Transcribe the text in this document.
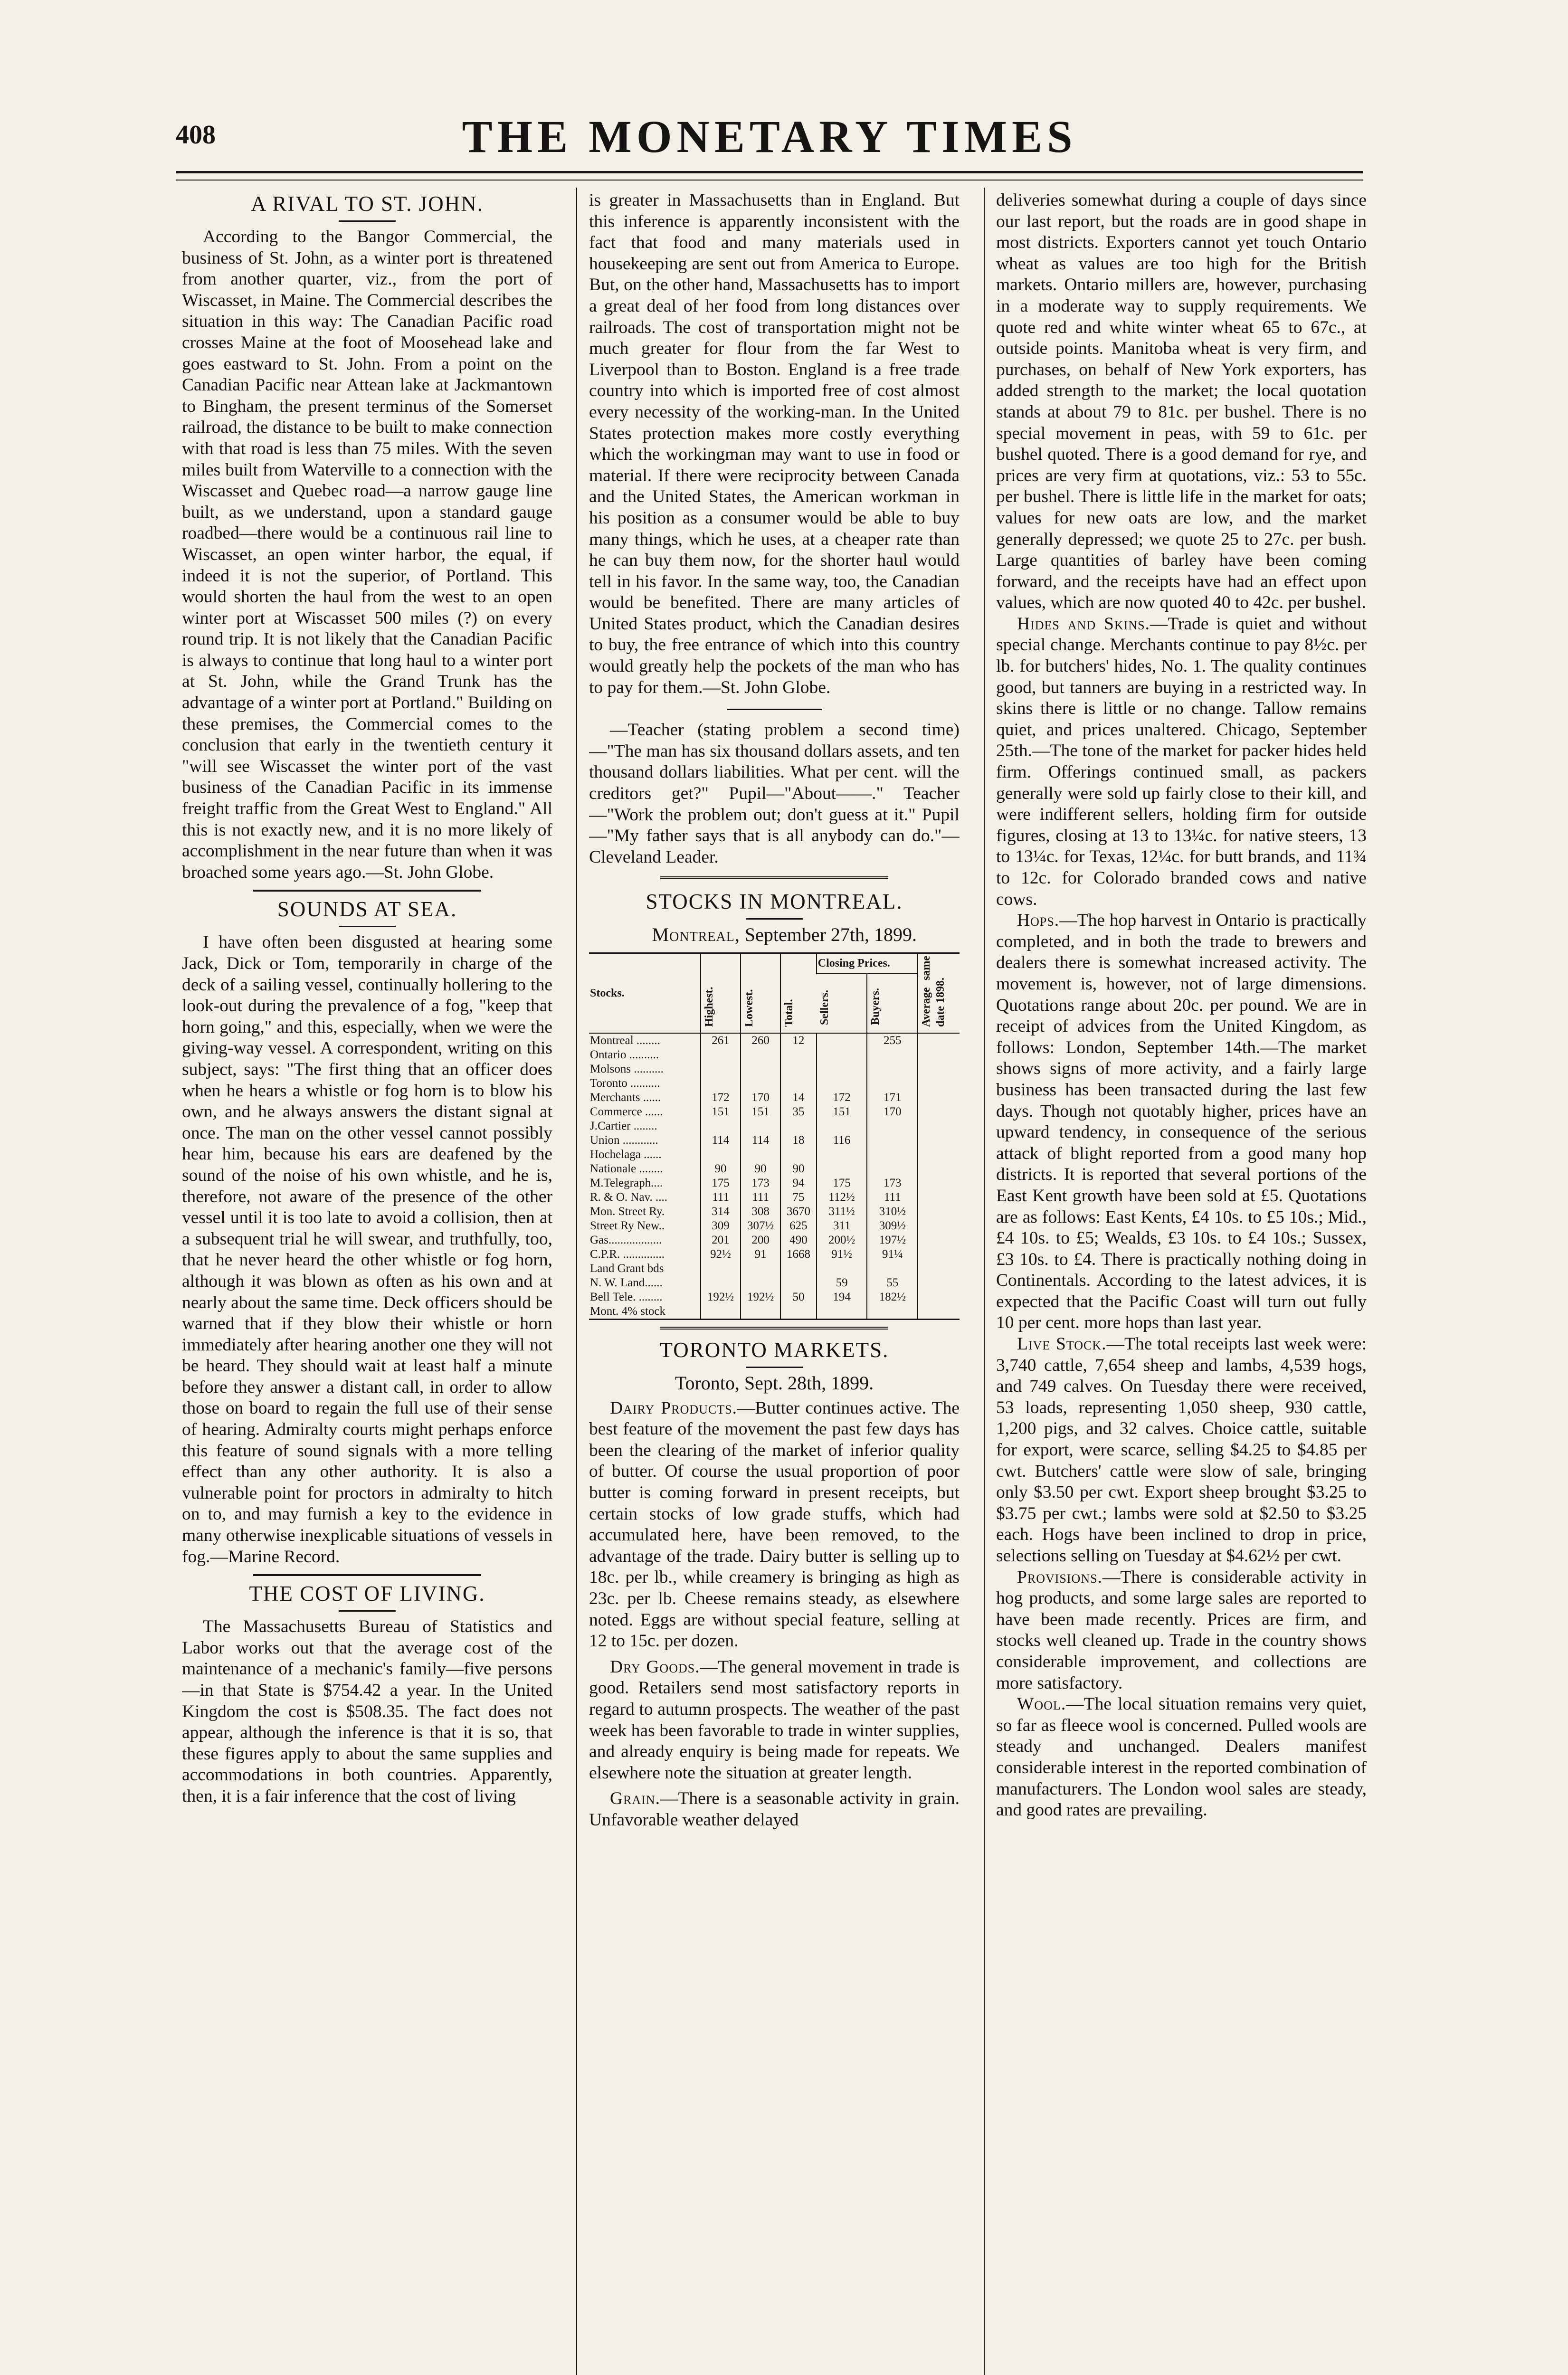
408	THE MONETARY TIMES
A RIVAL TO ST. JOHN.

According to the Bangor Commercial, the business of St. John, as a winter port is threatened from another quarter, viz., from the port of Wiscasset, in Maine. The Commercial describes the situation in this way: The Canadian Pacific road crosses Maine at the foot of Moosehead lake and goes eastward to St. John. From a point on the Canadian Pacific near Attean lake at Jackmantown to Bingham, the present terminus of the Somerset railroad, the distance to be built to make connection with that road is less than 75 miles. With the seven miles built from Waterville to a connection with the Wiscasset and Quebec road—a narrow gauge line built, as we understand, upon a standard gauge roadbed—there would be a continuous rail line to Wiscasset, an open winter harbor, the equal, if indeed it is not the superior, of Portland. This would shorten the haul from the west to an open winter port at Wiscasset 500 miles (?) on every round trip. It is not likely that the Canadian Pacific is always to continue that long haul to a winter port at St. John, while the Grand Trunk has the advantage of a winter port at Portland." Building on these premises, the Commercial comes to the conclusion that early in the twentieth century it "will see Wiscasset the winter port of the vast business of the Canadian Pacific in its immense freight traffic from the Great West to England." All this is not exactly new, and it is no more likely of accomplishment in the near future than when it was broached some years ago.—St. John Globe.

SOUNDS AT SEA.

I have often been disgusted at hearing some Jack, Dick or Tom, temporarily in charge of the deck of a sailing vessel, continually hollering to the look-out during the prevalence of a fog, "keep that horn going," and this, especially, when we were the giving-way vessel. A correspondent, writing on this subject, says: "The first thing that an officer does when he hears a whistle or fog horn is to blow his own, and he always answers the distant signal at once. The man on the other vessel cannot possibly hear him, because his ears are deafened by the sound of the noise of his own whistle, and he is, therefore, not aware of the presence of the other vessel until it is too late to avoid a collision, then at a subsequent trial he will swear, and truthfully, too, that he never heard the other whistle or fog horn, although it was blown as often as his own and at nearly about the same time. Deck officers should be warned that if they blow their whistle or horn immediately after hearing another one they will not be heard. They should wait at least half a minute before they answer a distant call, in order to allow those on board to regain the full use of their sense of hearing. Admiralty courts might perhaps enforce this feature of sound signals with a more telling effect than any other authority. It is also a vulnerable point for proctors in admiralty to hitch on to, and may furnish a key to the evidence in many otherwise inexplicable situations of vessels in fog.—Marine Record.

THE COST OF LIVING.

The Massachusetts Bureau of Statistics and Labor works out that the average cost of the maintenance of a mechanic's family—five persons—in that State is $754.42 a year. In the United Kingdom the cost is $508.35. The fact does not appear, although the inference is that it is so, that these figures apply to about the same supplies and accommodations in both countries. Apparently, then, it is a fair inference that the cost of living

is greater in Massachusetts than in England. But this inference is apparently inconsistent with the fact that food and many materials used in housekeeping are sent out from America to Europe. But, on the other hand, Massachusetts has to import a great deal of her food from long distances over railroads. The cost of transportation might not be much greater for flour from the far West to Liverpool than to Boston. England is a free trade country into which is imported free of cost almost every necessity of the working-man. In the United States protection makes more costly everything which the workingman may want to use in food or material. If there were reciprocity between Canada and the United States, the American workman in his position as a consumer would be able to buy many things, which he uses, at a cheaper rate than he can buy them now, for the shorter haul would tell in his favor. In the same way, too, the Canadian would be benefited. There are many articles of United States product, which the Canadian desires to buy, the free entrance of which into this country would greatly help the pockets of the man who has to pay for them.—St. John Globe.

—Teacher (stating problem a second time)—"The man has six thousand dollars assets, and ten thousand dollars liabilities. What per cent. will the creditors get?" Pupil—"About——." Teacher —"Work the problem out; don't guess at it." Pupil—"My father says that is all anybody can do."—Cleveland Leader.

STOCKS IN MONTREAL.
Montreal, September 27th, 1899.
Stocks.	Highest.	Lowest.	Total.	Closing Prices.		Average same date 1898.
				Sellers.	Buyers.	
Montreal ........	261	260	12		255	
Ontario ..........						
Molsons ..........						
Toronto ..........						
Merchants ......	172	170	14	172	171	
Commerce ......	151	151	35	151	170	
J.Cartier ........						
Union ............	114	114	18	116		
Hochelaga ......						
Nationale ........	90	90	90			
M.Telegraph....	175	173	94	175	173	
R. & O. Nav. ....	111	111	75	112½	111	
Mon. Street Ry.	314	308	3670	311½	310½	
Street Ry New..	309	307½	625	311	309½	
Gas..................	201	200	490	200½	197½	
C.P.R. ..............	92½	91	1668	91½	91¼	
Land Grant bds						
N. W. Land......				59	55	
Bell Tele. ........	192½	192½	50	194	182½	
Mont. 4% stock						
TORONTO MARKETS.
Toronto, Sept. 28th, 1899.

Dairy Products.—Butter continues active. The best feature of the movement the past few days has been the clearing of the market of inferior quality of butter. Of course the usual proportion of poor butter is coming forward in present receipts, but certain stocks of low grade stuffs, which had accumulated here, have been removed, to the advantage of the trade. Dairy butter is selling up to 18c. per lb., while creamery is bringing as high as 23c. per lb. Cheese remains steady, as elsewhere noted. Eggs are without special feature, selling at 12 to 15c. per dozen.

Dry Goods.—The general movement in trade is good. Retailers send most satisfactory reports in regard to autumn prospects. The weather of the past week has been favorable to trade in winter supplies, and already enquiry is being made for repeats. We elsewhere note the situation at greater length.

Grain.—There is a seasonable activity in grain. Unfavorable weather delayed

deliveries somewhat during a couple of days since our last report, but the roads are in good shape in most districts. Exporters cannot yet touch Ontario wheat as values are too high for the British markets. Ontario millers are, however, purchasing in a moderate way to supply requirements. We quote red and white winter wheat 65 to 67c., at outside points. Manitoba wheat is very firm, and purchases, on behalf of New York exporters, has added strength to the market; the local quotation stands at about 79 to 81c. per bushel. There is no special movement in peas, with 59 to 61c. per bushel quoted. There is a good demand for rye, and prices are very firm at quotations, viz.: 53 to 55c. per bushel. There is little life in the market for oats; values for new oats are low, and the market generally depressed; we quote 25 to 27c. per bush. Large quantities of barley have been coming forward, and the receipts have had an effect upon values, which are now quoted 40 to 42c. per bushel.

Hides and Skins.—Trade is quiet and without special change. Merchants continue to pay 8½c. per lb. for butchers' hides, No. 1. The quality continues good, but tanners are buying in a restricted way. In skins there is little or no change. Tallow remains quiet, and prices unaltered. Chicago, September 25th.—The tone of the market for packer hides held firm. Offerings continued small, as packers generally were sold up fairly close to their kill, and were indifferent sellers, holding firm for outside figures, closing at 13 to 13¼c. for native steers, 13 to 13¼c. for Texas, 12¼c. for butt brands, and 11¾ to 12c. for Colorado branded cows and native cows.

Hops.—The hop harvest in Ontario is practically completed, and in both the trade to brewers and dealers there is somewhat increased activity. The movement is, however, not of large dimensions. Quotations range about 20c. per pound. We are in receipt of advices from the United Kingdom, as follows: London, September 14th.—The market shows signs of more activity, and a fairly large business has been transacted during the last few days. Though not quotably higher, prices have an upward tendency, in consequence of the serious attack of blight reported from a good many hop districts. It is reported that several portions of the East Kent growth have been sold at £5. Quotations are as follows: East Kents, £4 10s. to £5 10s.; Mid., £4 10s. to £5; Wealds, £3 10s. to £4 10s.; Sussex, £3 10s. to £4. There is practically nothing doing in Continentals. According to the latest advices, it is expected that the Pacific Coast will turn out fully 10 per cent. more hops than last year.

Live Stock.—The total receipts last week were: 3,740 cattle, 7,654 sheep and lambs, 4,539 hogs, and 749 calves. On Tuesday there were received, 53 loads, representing 1,050 sheep, 930 cattle, 1,200 pigs, and 32 calves. Choice cattle, suitable for export, were scarce, selling $4.25 to $4.85 per cwt. Butchers' cattle were slow of sale, bringing only $3.50 per cwt. Export sheep brought $3.25 to $3.75 per cwt.; lambs were sold at $2.50 to $3.25 each. Hogs have been inclined to drop in price, selections selling on Tuesday at $4.62½ per cwt.

Provisions.—There is considerable activity in hog products, and some large sales are reported to have been made recently. Prices are firm, and stocks well cleaned up. Trade in the country shows considerable improvement, and collections are more satisfactory.

Wool.—The local situation remains very quiet, so far as fleece wool is concerned. Pulled wools are steady and unchanged. Dealers manifest considerable interest in the reported combination of manufacturers. The London wool sales are steady, and good rates are prevailing.
